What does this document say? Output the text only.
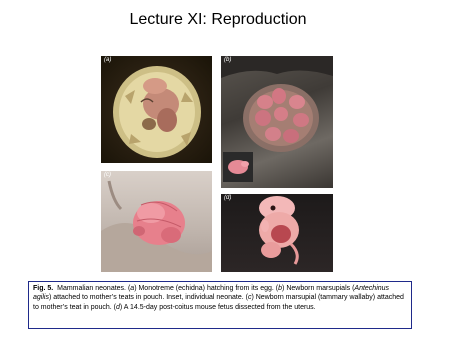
Lecture XI: Reproduction
(a)	(b)
(c)
(d)
Fig. 5. Mammalian neonates. (a) Monotreme (echidna) hatching from its egg. (b) Newborn marsupials (Antechinus agilis) attached to mother’s teats in pouch. Inset, individual neonate. (c) Newborn marsupial (tammary wallaby) attached to mother’s teat in pouch. (d) A 14.5-day post-coitus mouse fetus dissected from the uterus.
